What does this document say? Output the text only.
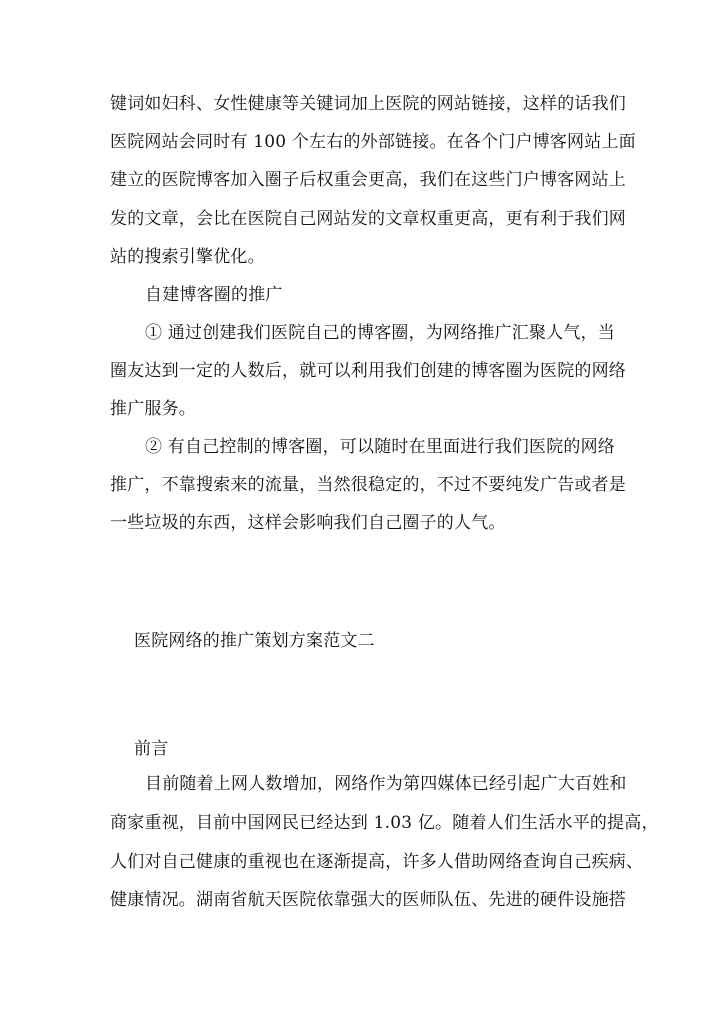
键词如妇科、女性健康等关键词加上医院的网站链接，这样的话我们
医院网站会同时有 100 个左右的外部链接。在各个门户博客网站上面
建立的医院博客加入圈子后权重会更高，我们在这些门户博客网站上
发的文章，会比在医院自己网站发的文章权重更高，更有利于我们网
站的搜索引擎优化。
自建博客圈的推广
① 通过创建我们医院自己的博客圈，为网络推广汇聚人气，当
圈友达到一定的人数后，就可以利用我们创建的博客圈为医院的网络
推广服务。
② 有自己控制的博客圈，可以随时在里面进行我们医院的网络
推广，不靠搜索来的流量，当然很稳定的，不过不要纯发广告或者是
一些垃圾的东西，这样会影响我们自己圈子的人气。
医院网络的推广策划方案范文二
前言
目前随着上网人数增加，网络作为第四媒体已经引起广大百姓和
商家重视，目前中国网民已经达到 1.03 亿。随着人们生活水平的提高，
人们对自己健康的重视也在逐渐提高，许多人借助网络查询自己疾病、
健康情况。湖南省航天医院依靠强大的医师队伍、先进的硬件设施搭
